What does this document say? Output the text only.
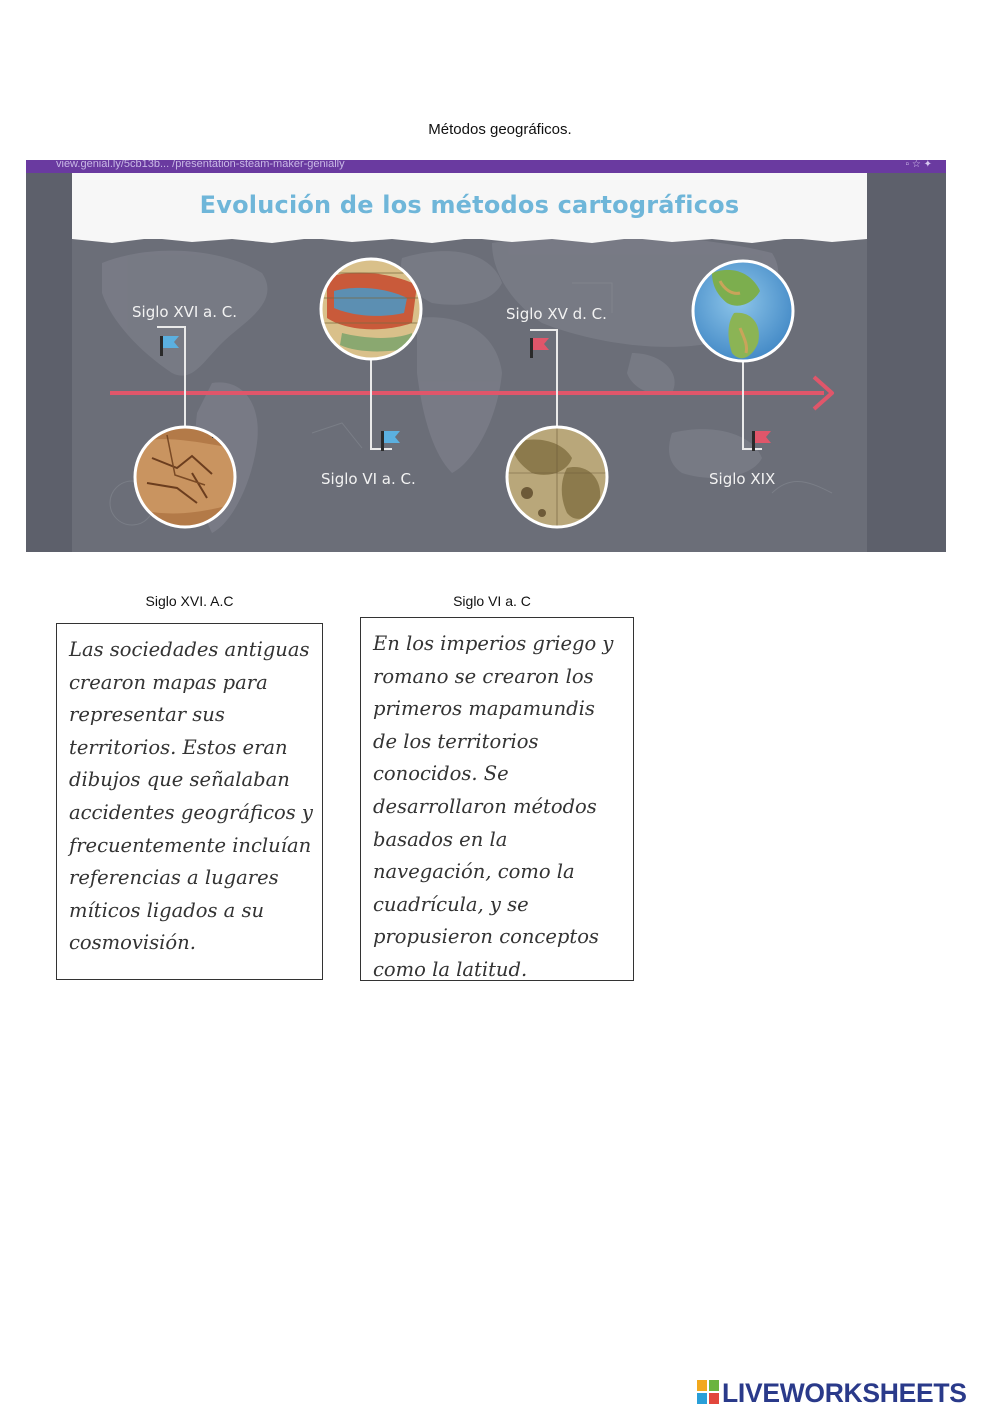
Métodos geográficos.
view.genial.ly/5cb13b... /presentation-steam-maker-genially	▫ ☆ ✦
Evolución de los métodos cartográficos
Siglo XVI a. C.
Siglo VI a. C.
Siglo XV d. C.
Siglo XIX
Siglo XVI. A.C	Siglo VI a. C
Las sociedades antiguas crearon mapas para representar sus territorios. Estos eran dibujos que señalaban accidentes geográficos y frecuentemente incluían referencias a lugares míticos ligados a su cosmovisión.
En los imperios griego y romano se crearon los primeros mapamundis de los territorios conocidos. Se desarrollaron métodos basados en la navegación, como la cuadrícula, y se propusieron conceptos como la latitud.
LIVEWORKSHEETS
